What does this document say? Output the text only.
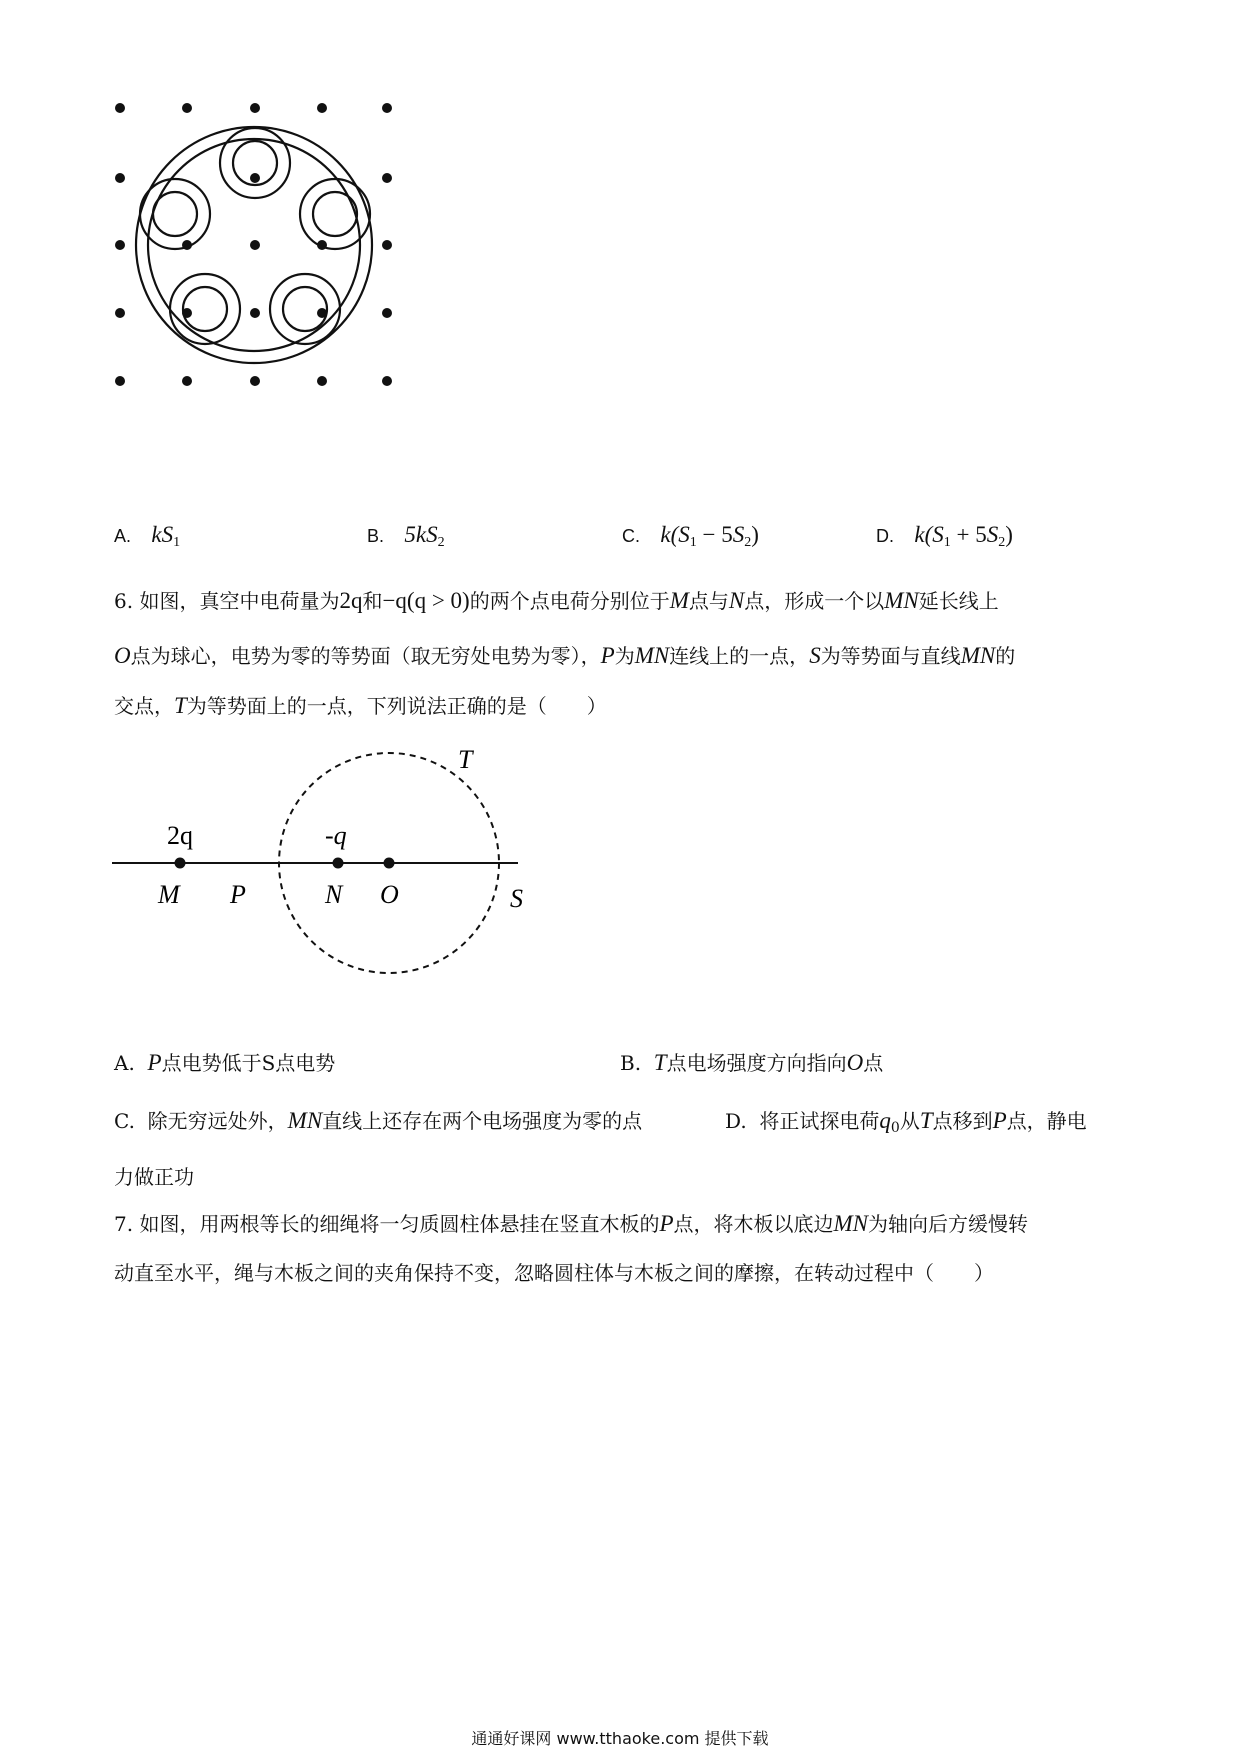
A. $kS_1$	B. $5kS_2$	C. $k(S_1 - 5S_2)$	D. $k(S_1 + 5S_2)$
6. 如图，真空中电荷量为2q和−q(q > 0)的两个点电荷分别位于M点与N点，形成一个以MN延长线上
O点为球心，电势为零的等势面（取无穷处电势为零），P为MN连线上的一点，S为等势面与直线MN的
交点，T为等势面上的一点，下列说法正确的是（　　）
T
2q	-q
M P	N O	S
A. P点电势低于S点电势	B. T点电场强度方向指向O点
C. 除无穷远处外，MN直线上还存在两个电场强度为零的点	D. 将正试探电荷$q_0$从T点移到P点，静电
力做正功
7. 如图，用两根等长的细绳将一匀质圆柱体悬挂在竖直木板的P点，将木板以底边MN为轴向后方缓慢转
动直至水平，绳与木板之间的夹角保持不变，忽略圆柱体与木板之间的摩擦，在转动过程中（　　）
通通好课网 www.tthaoke.com 提供下载
